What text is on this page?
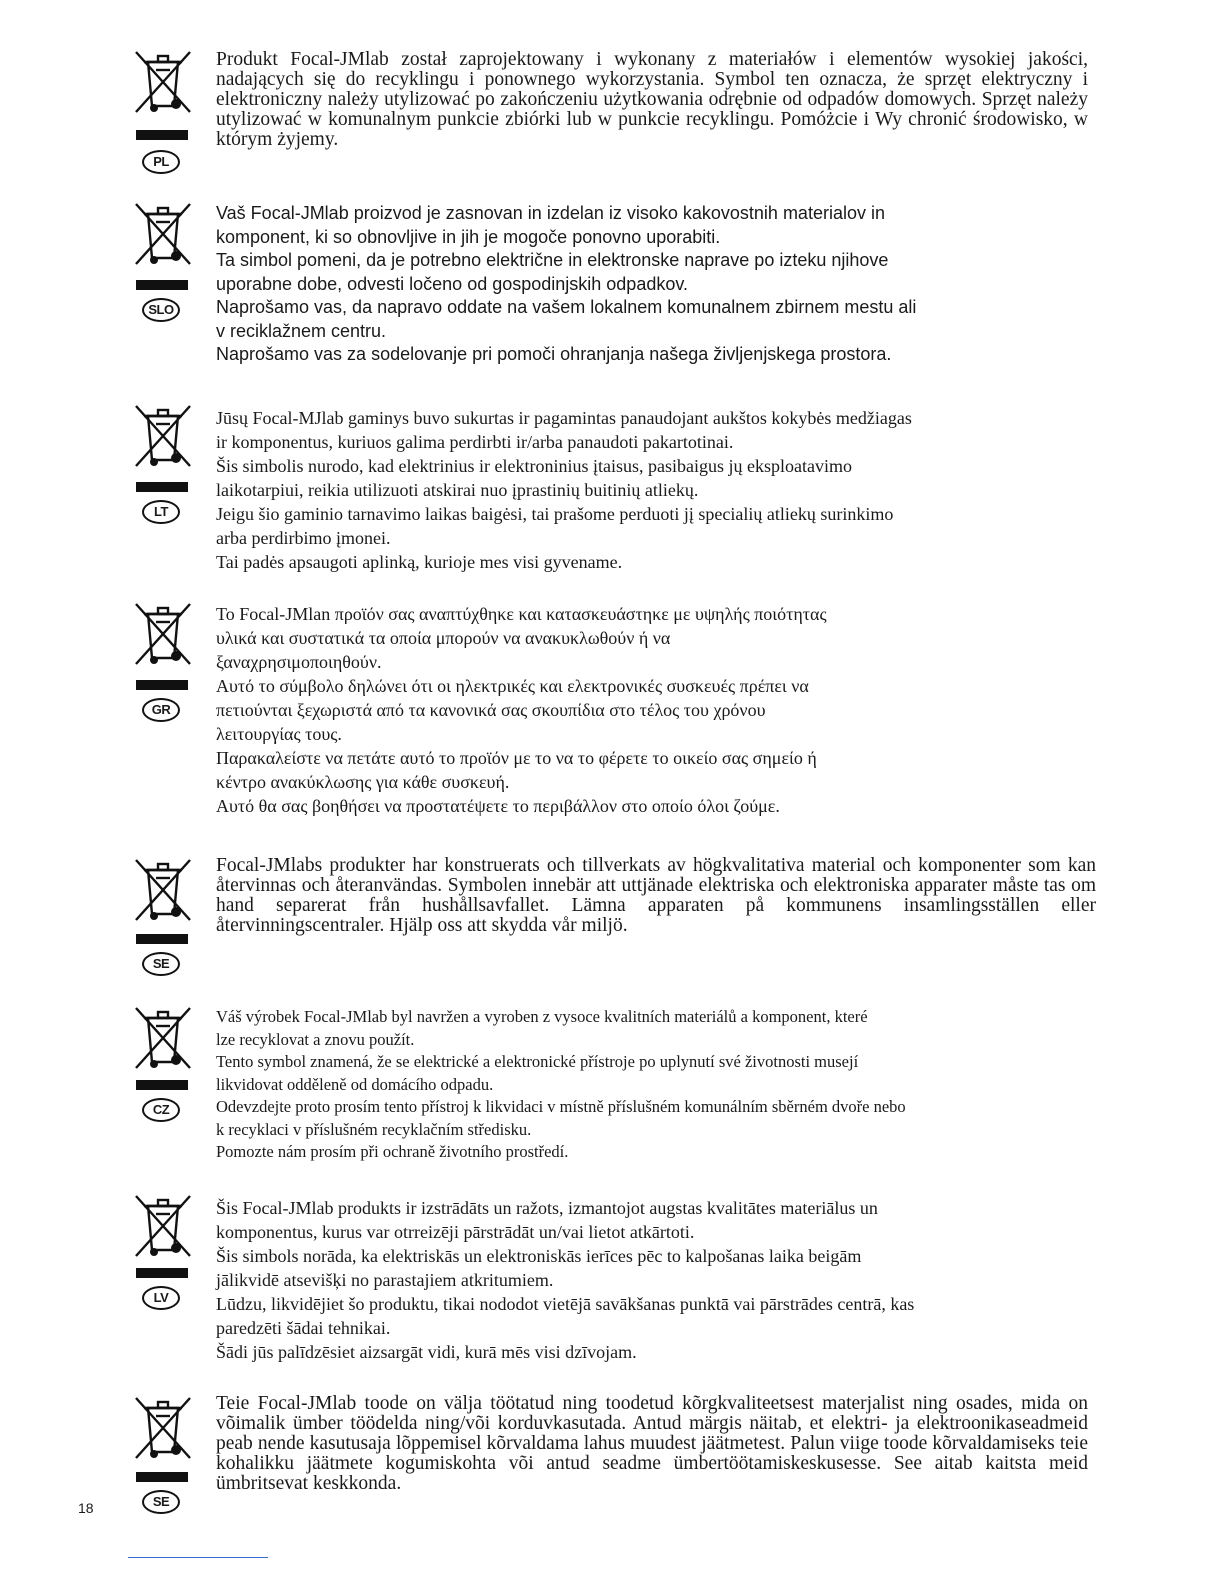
PL

Produkt Focal-JMlab został zaprojektowany i wykonany z materiałów i elementów wysokiej jakości, nadających się do recyklingu i ponownego wykorzystania. Symbol ten oznacza, że sprzęt elektryczny i elektroniczny należy utylizować po zakończeniu użytkowania odrębnie od odpadów domowych. Sprzęt należy utylizować w komunalnym punkcie zbiórki lub w punkcie recyklingu. Pomóżcie i Wy chronić środowisko, w którym żyjemy.

SLO

Vaš Focal-JMlab proizvod je zasnovan in izdelan iz visoko kakovostnih materialov in

komponent, ki so obnovljive in jih je mogoče ponovno uporabiti.

Ta simbol pomeni, da je potrebno električne in elektronske naprave po izteku njihove

uporabne dobe, odvesti ločeno od gospodinjskih odpadkov.

Naprošamo vas, da napravo oddate na vašem lokalnem komunalnem zbirnem mestu ali

v reciklažnem centru.

Naprošamo vas za sodelovanje pri pomoči ohranjanja našega življenjskega prostora.

LT

Jūsų Focal-MJlab gaminys buvo sukurtas ir pagamintas panaudojant aukštos kokybės medžiagas

ir komponentus, kuriuos galima perdirbti ir/arba panaudoti pakartotinai.

Šis simbolis nurodo, kad elektrinius ir elektroninius įtaisus, pasibaigus jų eksploatavimo

laikotarpiui, reikia utilizuoti atskirai nuo įprastinių buitinių atliekų.

Jeigu šio gaminio tarnavimo laikas baigėsi, tai prašome perduoti jį specialių atliekų surinkimo

arba perdirbimo įmonei.

Tai padės apsaugoti aplinką, kurioje mes visi gyvename.

GR

Το Focal-JMlan προϊόν σας αναπτύχθηκε και κατασκευάστηκε με υψηλής ποιότητας

υλικά και συστατικά τα οποία μπορούν να ανακυκλωθούν ή να

ξαναχρησιμοποιηθούν.

Αυτό το σύμβολο δηλώνει ότι οι ηλεκτρικές και ελεκτρονικές συσκευές πρέπει να

πετιούνται ξεχωριστά από τα κανονικά σας σκουπίδια στο τέλος του χρόνου

λειτουργίας τους.

Παρακαλείστε να πετάτε αυτό το προϊόν με το να το φέρετε το οικείο σας σημείο ή

κέντρο ανακύκλωσης για κάθε συσκευή.

Αυτό θα σας βοηθήσει να προστατέψετε το περιβάλλον στο οποίο όλοι ζούμε.

SE

Focal-JMlabs produkter har konstruerats och tillverkats av högkvalitativa material och komponenter som kan återvinnas och återanvändas. Symbolen innebär att uttjänade elektriska och elektroniska apparater måste tas om hand separerat från hushållsavfallet. Lämna apparaten på kommunens insamlingsställen eller återvinningscentraler. Hjälp oss att skydda vår miljö.

CZ

Váš výrobek Focal-JMlab byl navržen a vyroben z vysoce kvalitních materiálů a komponent, které

lze recyklovat a znovu použít.

Tento symbol znamená, že se elektrické a elektronické přístroje po uplynutí své životnosti musejí

likvidovat odděleně od domácího odpadu.

Odevzdejte proto prosím tento přístroj k likvidaci v místně příslušném komunálním sběrném dvoře nebo

k recyklaci v příslušném recyklačním středisku.

Pomozte nám prosím při ochraně životního prostředí.

LV

Šis Focal-JMlab produkts ir izstrādāts un ražots, izmantojot augstas kvalitātes materiālus un

komponentus, kurus var otrreizēji pārstrādāt un/vai lietot atkārtoti.

Šis simbols norāda, ka elektriskās un elektroniskās ierīces pēc to kalpošanas laika beigām

jālikvidē atsevišķi no parastajiem atkritumiem.

Lūdzu, likvidējiet šo produktu, tikai nododot vietējā savākšanas punktā vai pārstrādes centrā, kas

paredzēti šādai tehnikai.

Šādi jūs palīdzēsiet aizsargāt vidi, kurā mēs visi dzīvojam.

SE

Teie Focal-JMlab toode on välja töötatud ning toodetud kõrgkvaliteetsest materjalist ning osades, mida on võimalik ümber töödelda ning/või korduvkasutada. Antud märgis näitab, et elektri- ja elektroonikaseadmeid peab nende kasutusaja lõppemisel kõrvaldama lahus muudest jäätmetest. Palun viige toode kõrvaldamiseks teie kohalikku jäätmete kogumiskohta või antud seadme ümbertöötamiskeskusesse. See aitab kaitsta meid ümbritsevat keskkonda.

18
